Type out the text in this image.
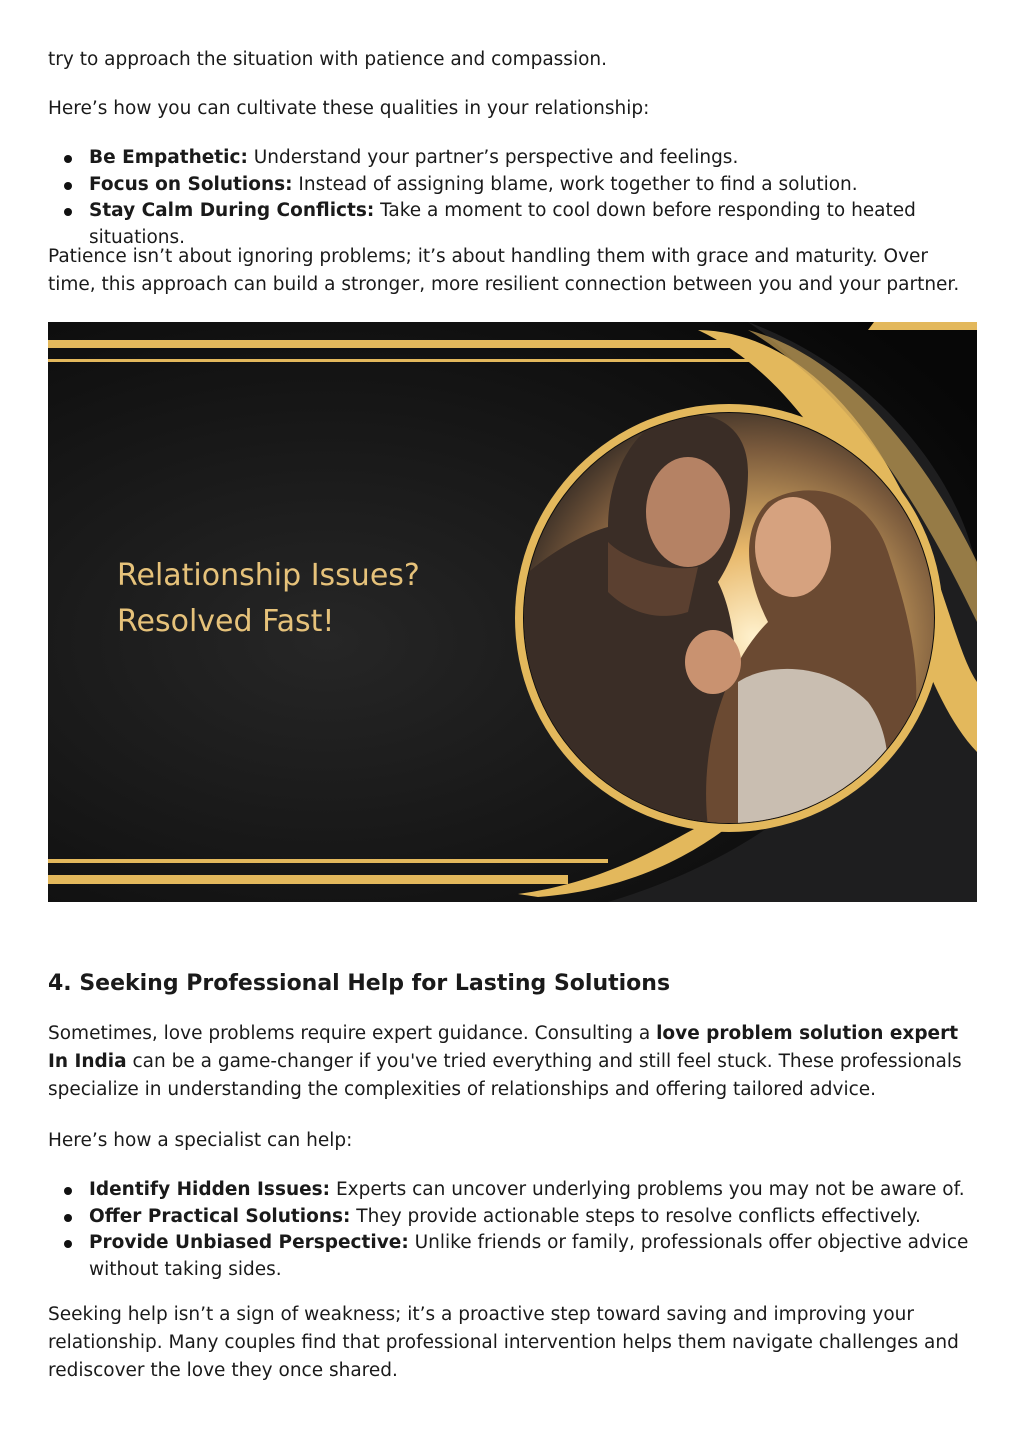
try to approach the situation with patience and compassion.

Here’s how you can cultivate these qualities in your relationship:

Be Empathetic: Understand your partner’s perspective and feelings.
Focus on Solutions: Instead of assigning blame, work together to find a solution.
Stay Calm During Conflicts: Take a moment to cool down before responding to heated situations.

Patience isn’t about ignoring problems; it’s about handling them with grace and maturity. Over time, this approach can build a stronger, more resilient connection between you and your partner.

Relationship Issues?
Resolved Fast!
4. Seeking Professional Help for Lasting Solutions

Sometimes, love problems require expert guidance. Consulting a love problem solution expert In India can be a game-changer if you've tried everything and still feel stuck. These professionals specialize in understanding the complexities of relationships and offering tailored advice.

Here’s how a specialist can help:

Identify Hidden Issues: Experts can uncover underlying problems you may not be aware of.
Offer Practical Solutions: They provide actionable steps to resolve conflicts effectively.
Provide Unbiased Perspective: Unlike friends or family, professionals offer objective advice without taking sides.

Seeking help isn’t a sign of weakness; it’s a proactive step toward saving and improving your relationship. Many couples find that professional intervention helps them navigate challenges and rediscover the love they once shared.
